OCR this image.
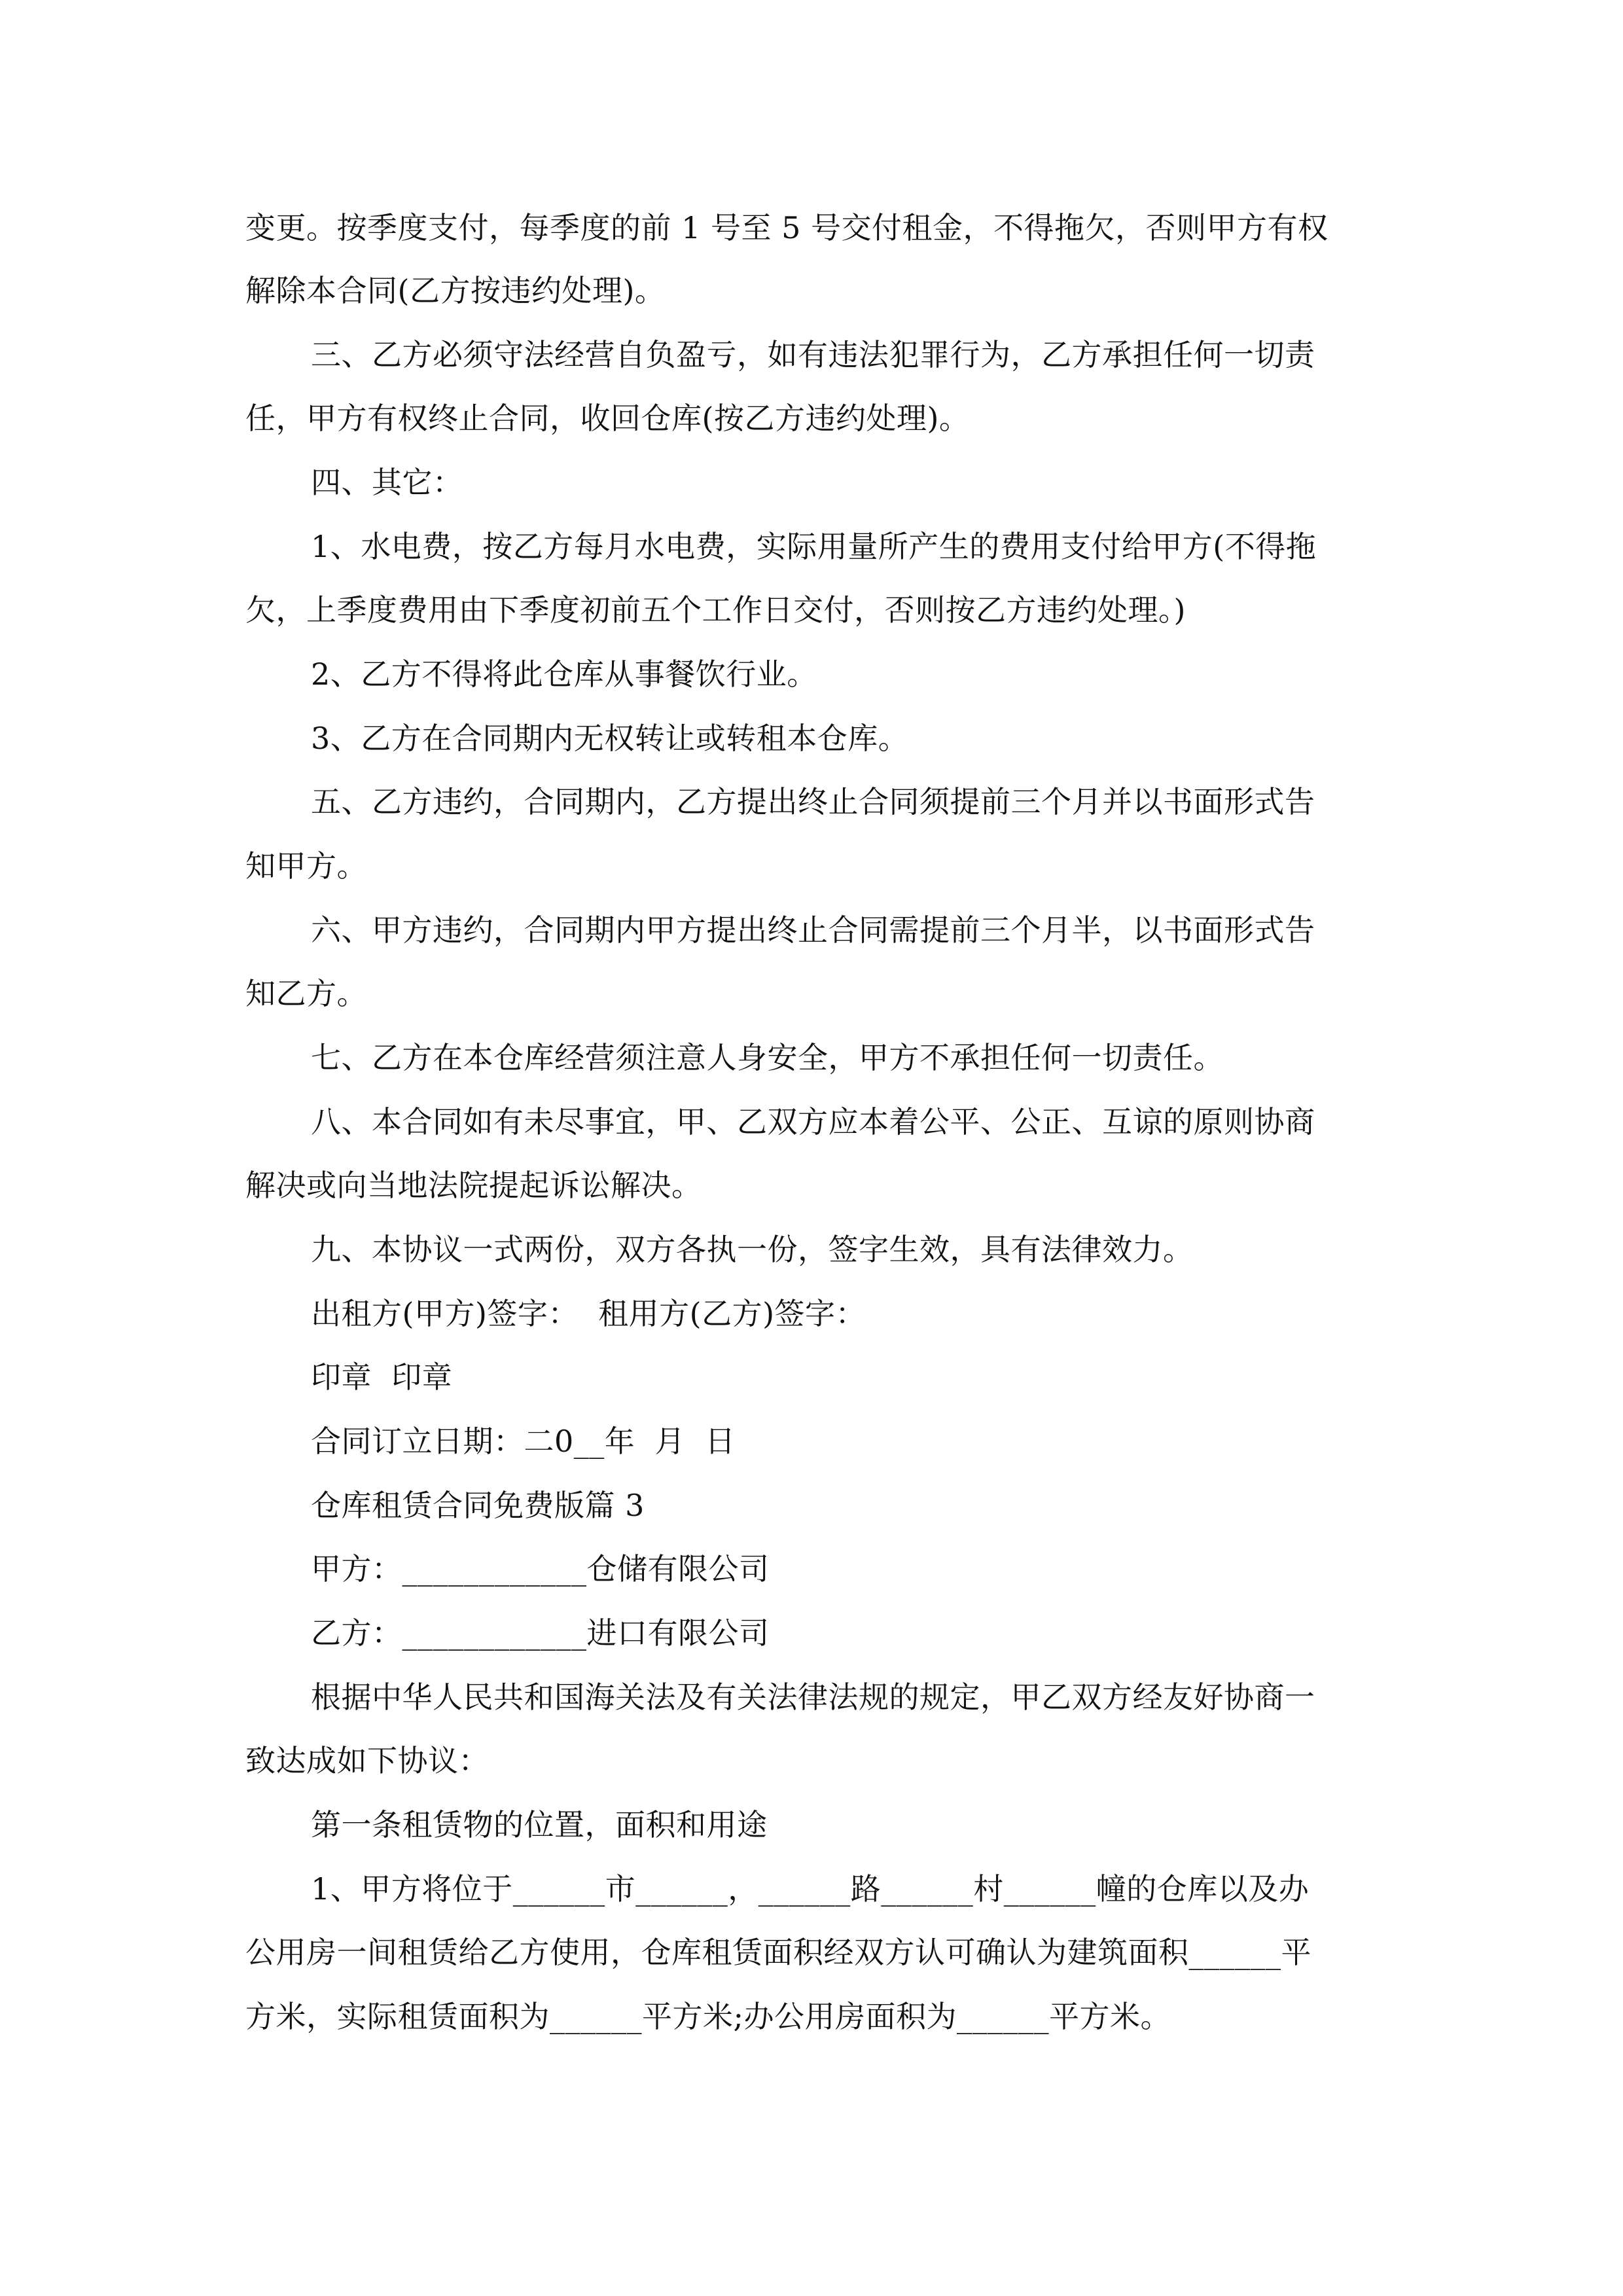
变更。按季度支付，每季度的前 1 号至 5 号交付租金，不得拖欠，否则甲方有权
解除本合同(乙方按违约处理)。
三、乙方必须守法经营自负盈亏，如有违法犯罪行为，乙方承担任何一切责
任，甲方有权终止合同，收回仓库(按乙方违约处理)。
四、其它：
1、水电费，按乙方每月水电费，实际用量所产生的费用支付给甲方(不得拖
欠，上季度费用由下季度初前五个工作日交付，否则按乙方违约处理。)
2、乙方不得将此仓库从事餐饮行业。
3、乙方在合同期内无权转让或转租本仓库。
五、乙方违约，合同期内，乙方提出终止合同须提前三个月并以书面形式告
知甲方。
六、甲方违约，合同期内甲方提出终止合同需提前三个月半，以书面形式告
知乙方。
七、乙方在本仓库经营须注意人身安全，甲方不承担任何一切责任。
八、本合同如有未尽事宜，甲、乙双方应本着公平、公正、互谅的原则协商
解决或向当地法院提起诉讼解决。
九、本协议一式两份，双方各执一份，签字生效，具有法律效力。
出租方(甲方)签字：  租用方(乙方)签字：
印章  印章
合同订立日期：二0__年  月  日
仓库租赁合同免费版篇 3
甲方：____________仓储有限公司
乙方：____________进口有限公司
根据中华人民共和国海关法及有关法律法规的规定，甲乙双方经友好协商一
致达成如下协议：
第一条租赁物的位置，面积和用途
1、甲方将位于______市______，______路______村______幢的仓库以及办
公用房一间租赁给乙方使用，仓库租赁面积经双方认可确认为建筑面积______平
方米，实际租赁面积为______平方米;办公用房面积为______平方米。
